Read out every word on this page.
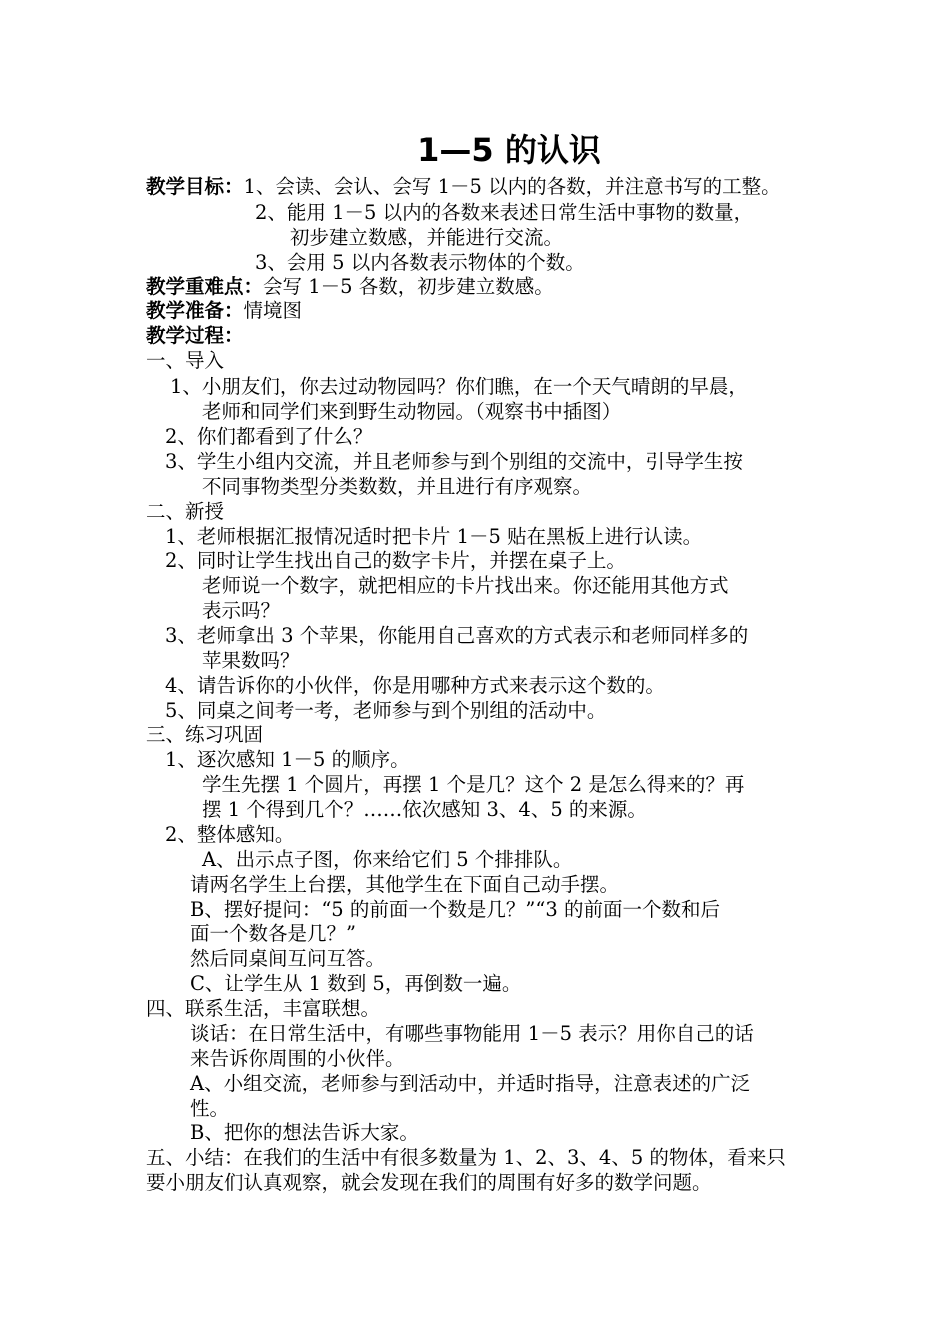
1—5 的认识
教学目标：1、会读、会认、会写 1－5 以内的各数，并注意书写的工整。
2、能用 1－5 以内的各数来表述日常生活中事物的数量，
初步建立数感，并能进行交流。
3、会用 5 以内各数表示物体的个数。
教学重难点：会写 1－5 各数，初步建立数感。
教学准备：情境图
教学过程：
一、导入
1、小朋友们，你去过动物园吗？你们瞧，在一个天气晴朗的早晨，
老师和同学们来到野生动物园。（观察书中插图）
2、你们都看到了什么？
3、学生小组内交流，并且老师参与到个别组的交流中，引导学生按
不同事物类型分类数数，并且进行有序观察。
二、新授
1、老师根据汇报情况适时把卡片 1－5 贴在黑板上进行认读。
2、同时让学生找出自己的数字卡片，并摆在桌子上。
老师说一个数字，就把相应的卡片找出来。你还能用其他方式
表示吗？
3、老师拿出 3 个苹果，你能用自己喜欢的方式表示和老师同样多的
苹果数吗？
4、请告诉你的小伙伴，你是用哪种方式来表示这个数的。
5、同桌之间考一考，老师参与到个别组的活动中。
三、练习巩固
1、逐次感知 1－5 的顺序。
学生先摆 1 个圆片，再摆 1 个是几？这个 2 是怎么得来的？再
摆 1 个得到几个？……依次感知 3、4、5 的来源。
2、整体感知。
A、出示点子图，你来给它们 5 个排排队。
请两名学生上台摆，其他学生在下面自己动手摆。
B、摆好提问：“5 的前面一个数是几？”“3 的前面一个数和后
面一个数各是几？”
然后同桌间互问互答。
C、让学生从 1 数到 5，再倒数一遍。
四、联系生活，丰富联想。
谈话：在日常生活中，有哪些事物能用 1－5 表示？用你自己的话
来告诉你周围的小伙伴。
A、小组交流，老师参与到活动中，并适时指导，注意表述的广泛
性。
B、把你的想法告诉大家。
五、小结：在我们的生活中有很多数量为 1、2、3、4、5 的物体，看来只
要小朋友们认真观察，就会发现在我们的周围有好多的数学问题。
